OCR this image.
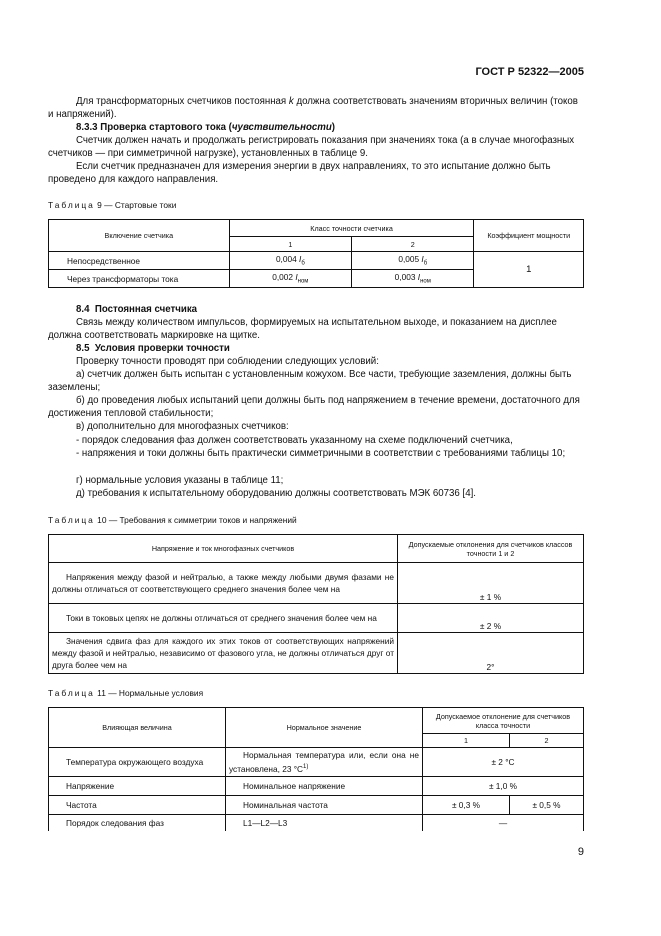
ГОСТ Р 52322—2005
Для трансформаторных счетчиков постоянная k должна соответствовать значениям вторичных величин (токов и напряжений).
8.3.3 Проверка стартового тока (чувствительности)
Счетчик должен начать и продолжать регистрировать показания при значениях тока (а в случае многофазных счетчиков — при симметричной нагрузке), установленных в таблице 9.
Если счетчик предназначен для измерения энергии в двух направлениях, то это испытание должно быть проведено для каждого направления.
Таблица 9 — Стартовые токи
Включение счетчика	Класс точности счетчика		Коэффициент мощности
	1	2	
Непосредственное	0,004 $I_б$	0,005 $I_б$	1
Через трансформаторы тока	0,002 $I_{ном}$	0,003 $I_{ном}$
8.4 Постоянная счетчика
Связь между количеством импульсов, формируемых на испытательном выходе, и показанием на дисплее должна соответствовать маркировке на щитке.
8.5 Условия проверки точности
Проверку точности проводят при соблюдении следующих условий:
а) счетчик должен быть испытан с установленным кожухом. Все части, требующие заземления, должны быть заземлены;
б) до проведения любых испытаний цепи должны быть под напряжением в течение времени, достаточного для достижения тепловой стабильности;
в) дополнительно для многофазных счетчиков:
- порядок следования фаз должен соответствовать указанному на схеме подключений счетчика,
- напряжения и токи должны быть практически симметричными в соответствии с требованиями таблицы 10;
г) нормальные условия указаны в таблице 11;
д) требования к испытательному оборудованию должны соответствовать МЭК 60736 [4].
Таблица 10 — Требования к симметрии токов и напряжений
Напряжение и ток многофазных счетчиков	Допускаемые отклонения для счетчиков классов точности 1 и 2
Напряжения между фазой и нейтралью, а также между любыми двумя фазами не должны отличаться от соответствующего среднего значения более чем на	± 1 %
Токи в токовых цепях не должны отличаться от среднего значения более чем на	± 2 %
Значения сдвига фаз для каждого их этих токов от соответствующих напряжений между фазой и нейтралью, независимо от фазового угла, не должны отличаться друг от друга более чем на	2°
Таблица 11 — Нормальные условия
Влияющая величина	Нормальное значение	Допускаемое отклонение для счетчиков класса точности	
		1	2
Температура окружающего воздуха	Нормальная температура или, если она не установлена, 23 $^\circ С^{1)}$	± 2 °С	
Напряжение	Номинальное напряжение	± 1,0 %	
Частота	Номинальная частота	± 0,3 %	± 0,5 %
Порядок следования фаз	L1—L2—L3	—	
9
